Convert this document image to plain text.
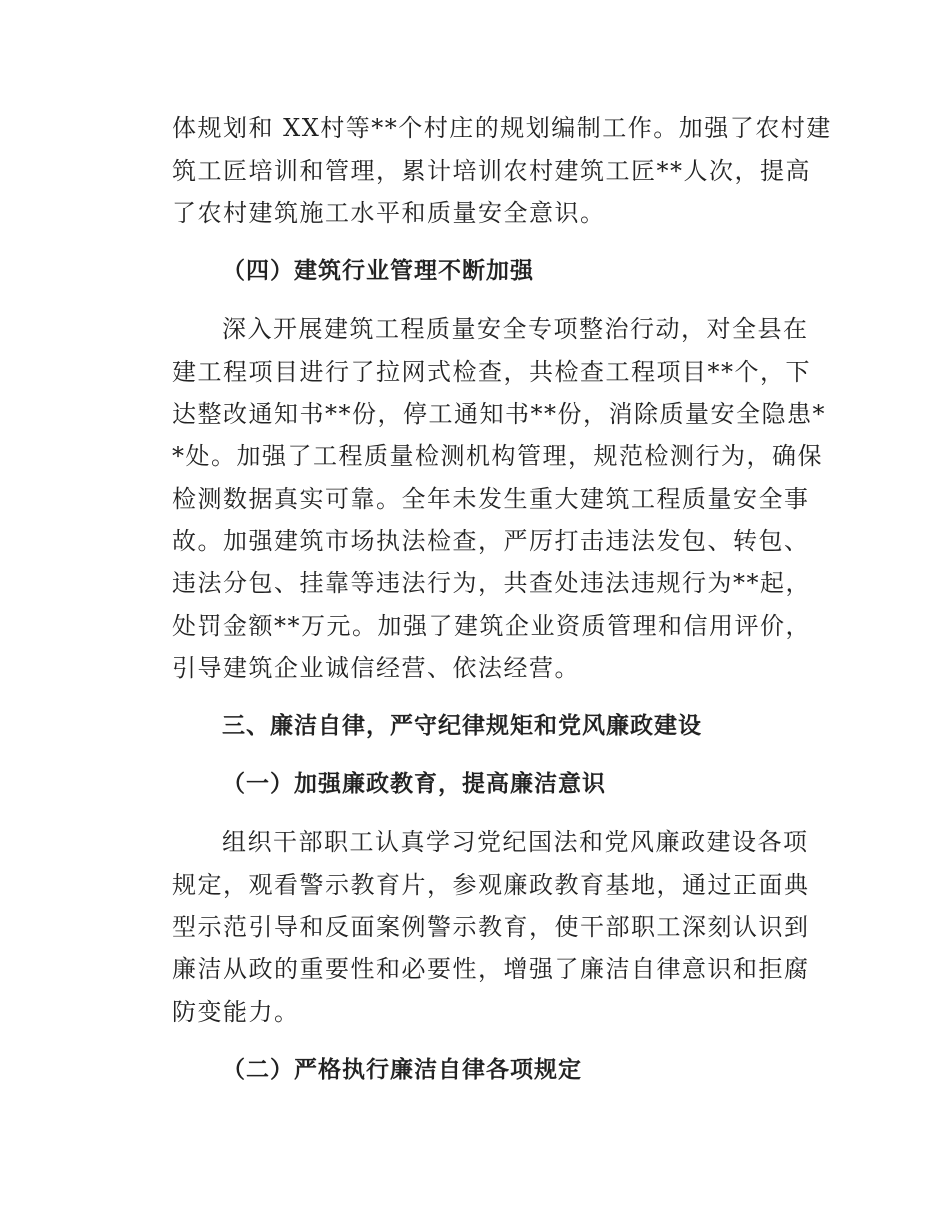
体规划和 XX村等**个村庄的规划编制工作。加强了农村建
筑工匠培训和管理，累计培训农村建筑工匠**人次，提高
了农村建筑施工水平和质量安全意识。
（四）建筑行业管理不断加强
深入开展建筑工程质量安全专项整治行动，对全县在
建工程项目进行了拉网式检查，共检查工程项目**个，下
达整改通知书**份，停工通知书**份，消除质量安全隐患*
*处。加强了工程质量检测机构管理，规范检测行为，确保
检测数据真实可靠。全年未发生重大建筑工程质量安全事
故。加强建筑市场执法检查，严厉打击违法发包、转包、
违法分包、挂靠等违法行为，共查处违法违规行为**起，
处罚金额**万元。加强了建筑企业资质管理和信用评价，
引导建筑企业诚信经营、依法经营。
三、廉洁自律，严守纪律规矩和党风廉政建设
（一）加强廉政教育，提高廉洁意识
组织干部职工认真学习党纪国法和党风廉政建设各项
规定，观看警示教育片，参观廉政教育基地，通过正面典
型示范引导和反面案例警示教育，使干部职工深刻认识到
廉洁从政的重要性和必要性，增强了廉洁自律意识和拒腐
防变能力。
（二）严格执行廉洁自律各项规定
